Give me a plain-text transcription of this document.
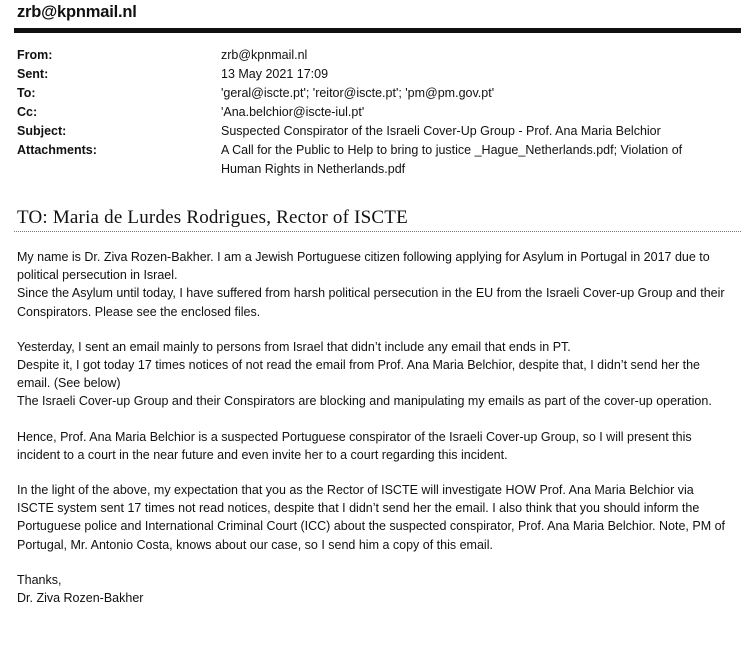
zrb@kpnmail.nl
From:	zrb@kpnmail.nl
Sent:	13 May 2021 17:09
To:	'geral@iscte.pt'; 'reitor@iscte.pt'; 'pm@pm.gov.pt'
Cc:	'Ana.belchior@iscte-iul.pt'
Subject:	Suspected Conspirator of the Israeli Cover-Up Group - Prof. Ana Maria Belchior
Attachments:	A Call for the Public to Help to bring to justice _Hague_Netherlands.pdf; Violation of Human Rights in Netherlands.pdf
TO: Maria de Lurdes Rodrigues, Rector of ISCTE

My name is Dr. Ziva Rozen-Bakher. I am a Jewish Portuguese citizen following applying for Asylum in Portugal in 2017 due to political persecution in Israel.

Since the Asylum until today, I have suffered from harsh political persecution in the EU from the Israeli Cover-up Group and their Conspirators. Please see the enclosed files.

Yesterday, I sent an email mainly to persons from Israel that didn’t include any email that ends in PT.

Despite it, I got today 17 times notices of not read the email from Prof. Ana Maria Belchior, despite that, I didn’t send her the email. (See below)

The Israeli Cover-up Group and their Conspirators are blocking and manipulating my emails as part of the cover-up operation.

Hence, Prof. Ana Maria Belchior is a suspected Portuguese conspirator of the Israeli Cover-up Group, so I will present this incident to a court in the near future and even invite her to a court regarding this incident.

In the light of the above, my expectation that you as the Rector of ISCTE will investigate HOW Prof. Ana Maria Belchior via ISCTE system sent 17 times not read notices, despite that I didn’t send her the email. I also think that you should inform the Portuguese police and International Criminal Court (ICC) about the suspected conspirator, Prof. Ana Maria Belchior. Note, PM of Portugal, Mr. Antonio Costa, knows about our case, so I send him a copy of this email.

Thanks,

Dr. Ziva Rozen-Bakher
